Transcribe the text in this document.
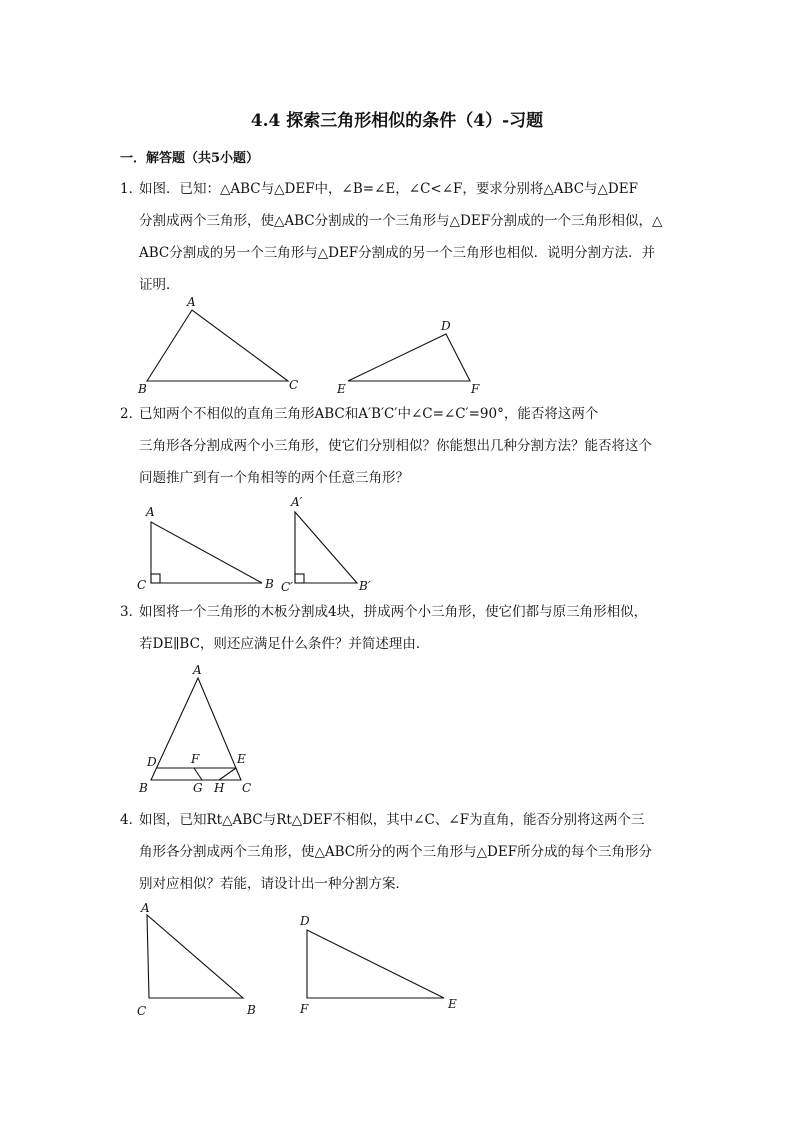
4.4 探索三角形相似的条件（4）-习题

一．解答题（共5小题）

1．
如图．已知：△ABC与△DEF中，∠B=∠E，∠C<∠F，要求分别将△ABC与△DEF
分割成两个三角形，使△ABC分割成的一个三角形与△DEF分割成的一个三角形相似，△
ABC分割成的另一个三角形与△DEF分割成的另一个三角形也相似．说明分割方法．并
证明．
A
B	C
D
E	F
2．
已知两个不相似的直角三角形ABC和A′B′C′中∠C=∠C′=90°，能否将这两个
三角形各分割成两个小三角形，使它们分别相似？你能想出几种分割方法？能否将这个
问题推广到有一个角相等的两个任意三角形？
A
C	B
A′
C′	B′
3．
如图将一个三角形的木板分割成4块，拼成两个小三角形，使它们都与原三角形相似，
若DE∥BC，则还应满足什么条件？并简述理由．
A
D	F	E
B	G H C
4．
如图，已知Rt△ABC与Rt△DEF不相似，其中∠C、∠F为直角，能否分别将这两个三
角形各分割成两个三角形，使△ABC所分的两个三角形与△DEF所分成的每个三角形分
别对应相似？若能，请设计出一种分割方案．
A
C	B
D
F	E
